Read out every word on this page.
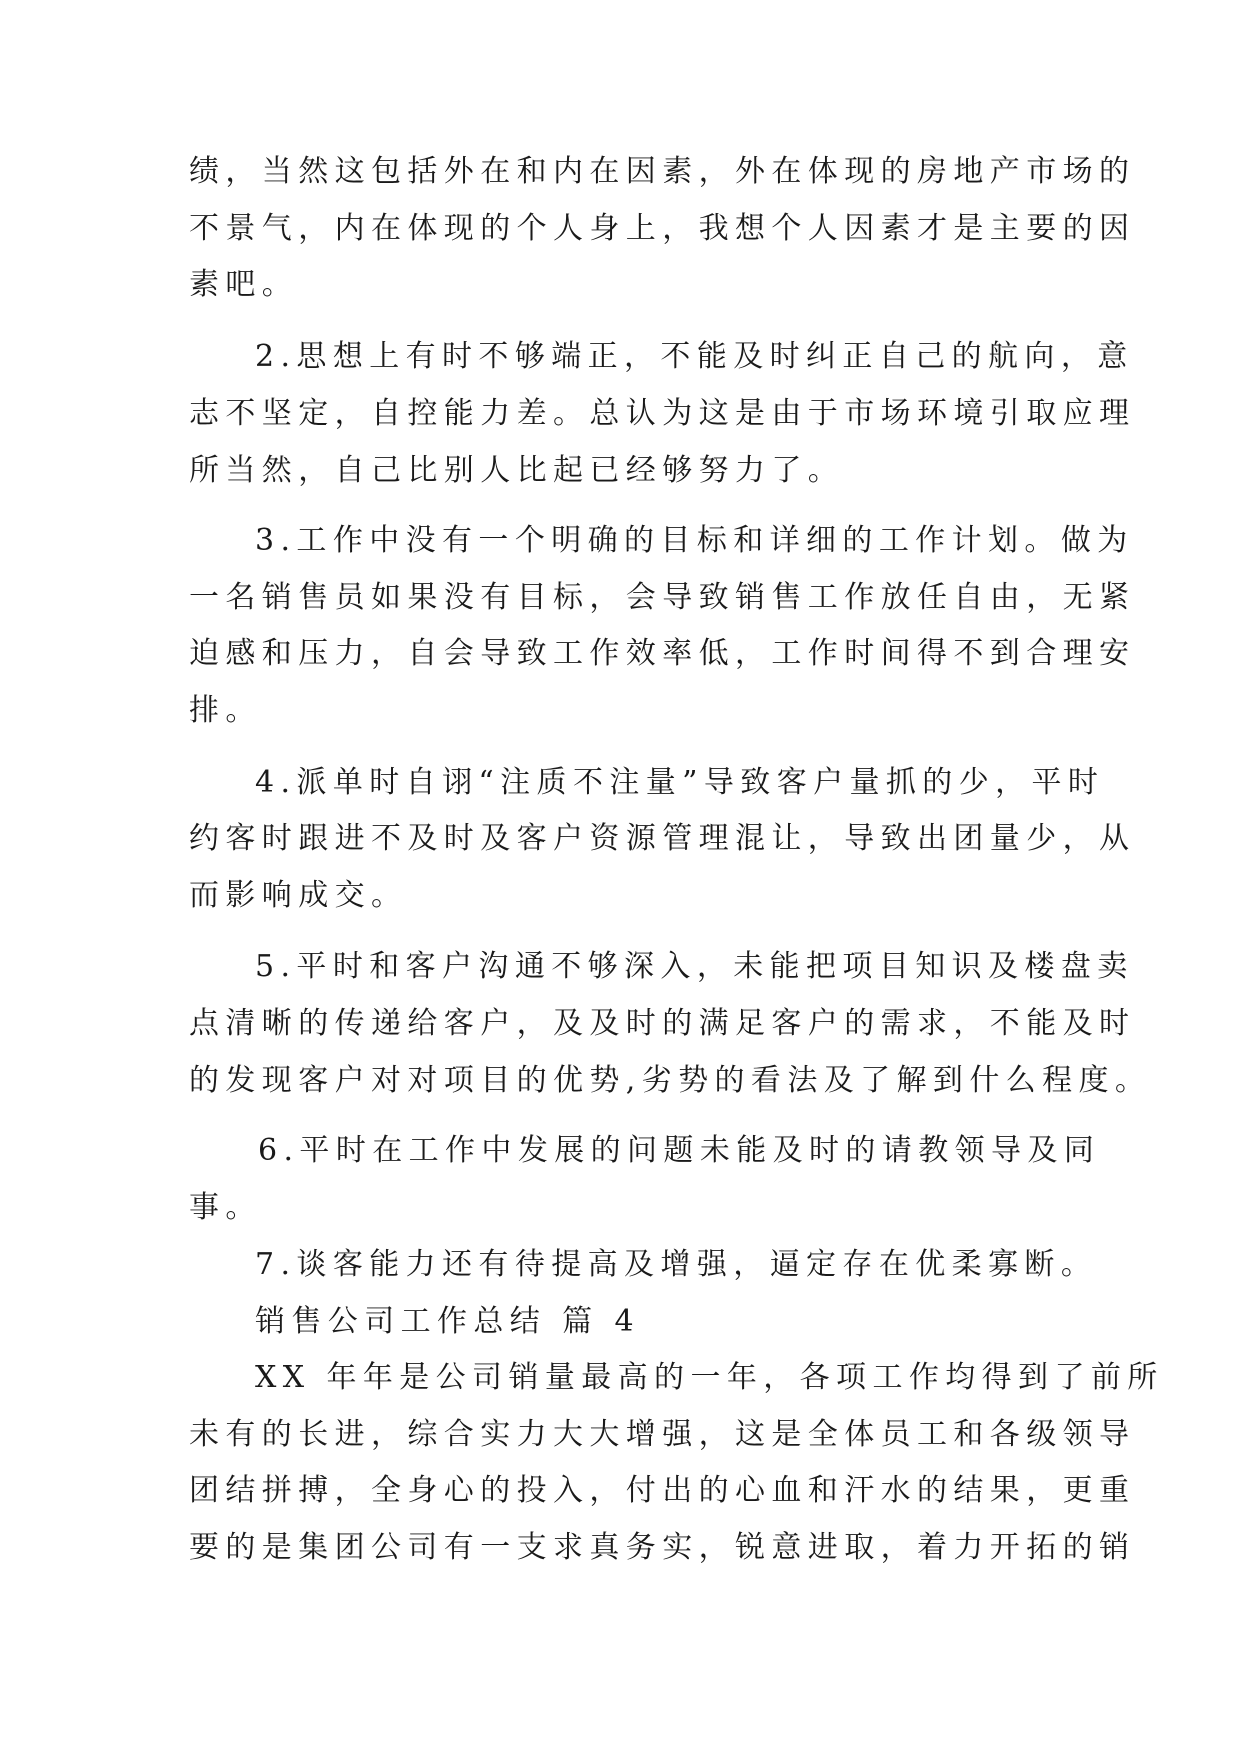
绩，当然这包括外在和内在因素，外在体现的房地产市场的

不景气，内在体现的个人身上，我想个人因素才是主要的因

素吧。

2.思想上有时不够端正，不能及时纠正自己的航向，意

志不坚定，自控能力差。总认为这是由于市场环境引取应理

所当然，自己比别人比起已经够努力了。

3.工作中没有一个明确的目标和详细的工作计划。做为

一名销售员如果没有目标，会导致销售工作放任自由，无紧

迫感和压力，自会导致工作效率低，工作时间得不到合理安

排。

4.派单时自诩“注质不注量”导致客户量抓的少，平时

约客时跟进不及时及客户资源管理混让，导致出团量少，从

而影响成交。

5.平时和客户沟通不够深入，未能把项目知识及楼盘卖

点清晰的传递给客户，及及时的满足客户的需求，不能及时

的发现客户对对项目的优势,劣势的看法及了解到什么程度。

6.平时在工作中发展的问题未能及时的请教领导及同

事。

7.谈客能力还有待提高及增强，逼定存在优柔寡断。

销售公司工作总结 篇 4

XX 年年是公司销量最高的一年，各项工作均得到了前所

未有的长进，综合实力大大增强，这是全体员工和各级领导

团结拼搏，全身心的投入，付出的心血和汗水的结果，更重

要的是集团公司有一支求真务实，锐意进取，着力开拓的销
